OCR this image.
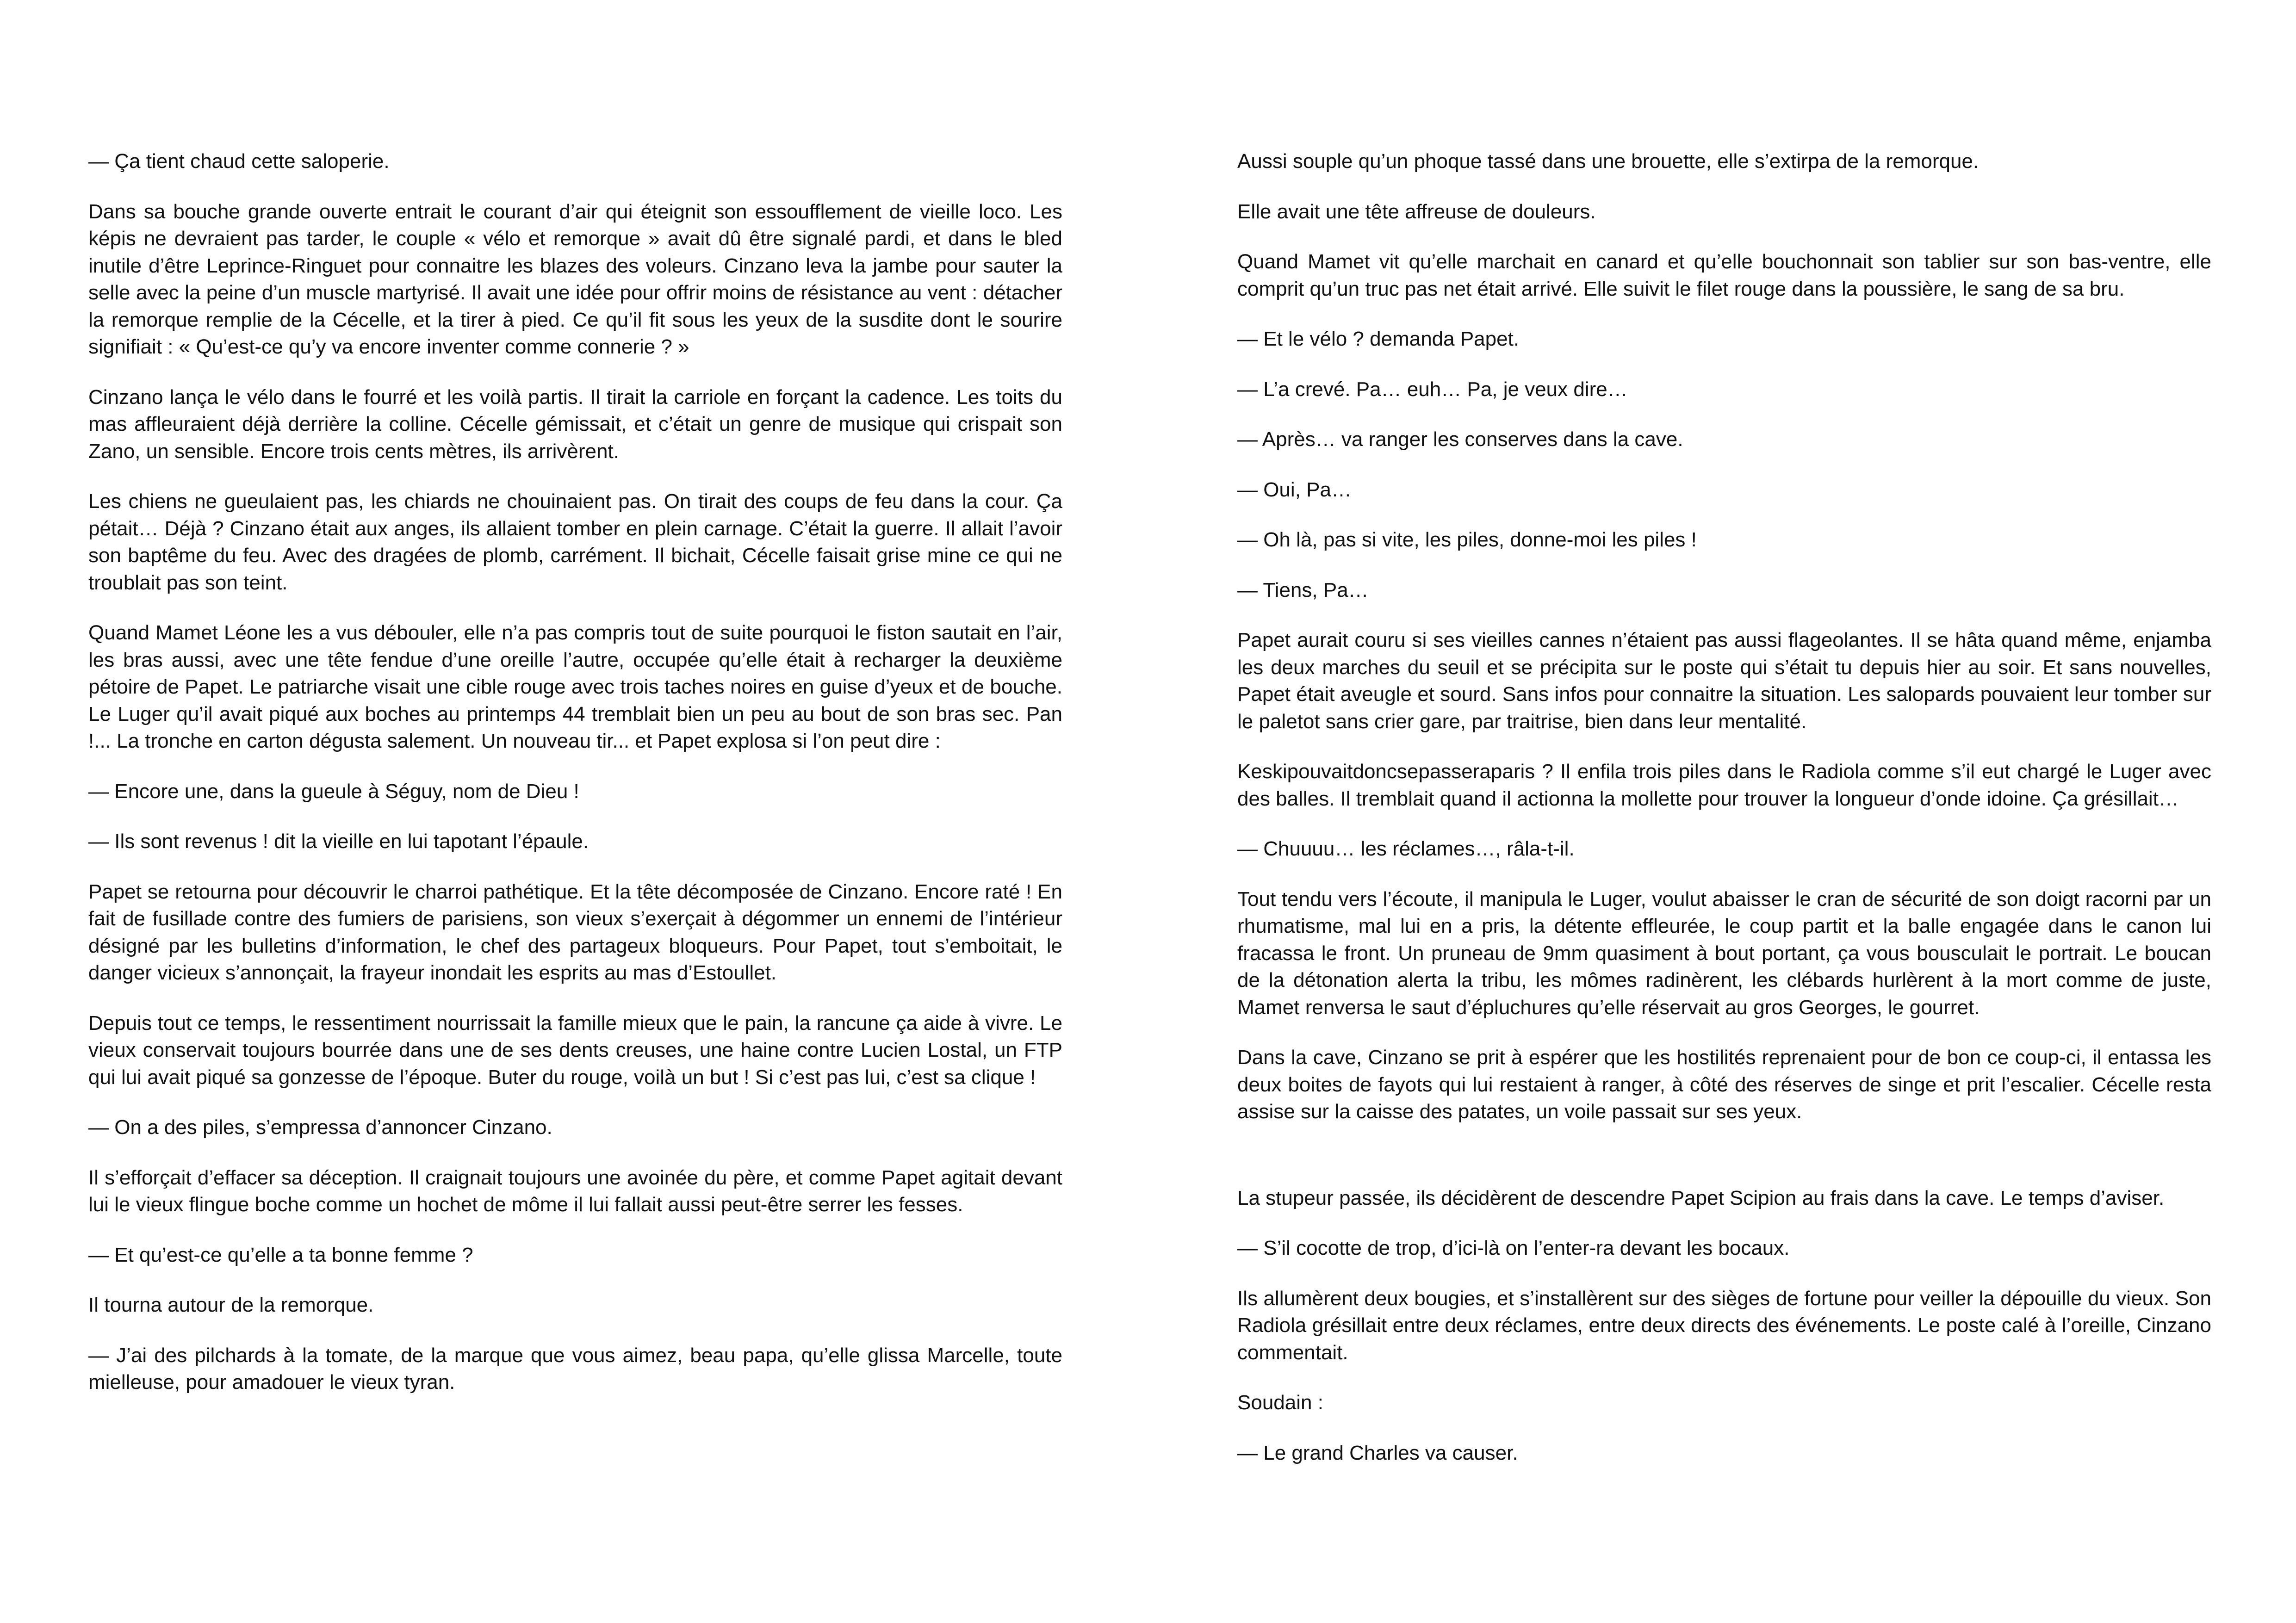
— Ça tient chaud cette saloperie.

Dans sa bouche grande ouverte entrait le courant d’air qui éteignit son essoufflement de vieille loco. Les képis ne devraient pas tarder, le couple « vélo et remorque » avait dû être signalé pardi, et dans le bled inutile d’être Leprince-Ringuet pour connaitre les blazes des voleurs. Cinzano leva la jambe pour sauter la selle avec la peine d’un muscle martyrisé. Il avait une idée pour offrir moins de résistance au vent : détacher la remorque remplie de la Cécelle, et la tirer à pied. Ce qu’il fit sous les yeux de la susdite dont le sourire signifiait : « Qu’est-ce qu’y va encore inventer comme connerie ? »

Cinzano lança le vélo dans le fourré et les voilà partis. Il tirait la carriole en forçant la cadence. Les toits du mas affleuraient déjà derrière la colline. Cécelle gémissait, et c’était un genre de musique qui crispait son Zano, un sensible. Encore trois cents mètres, ils arrivèrent.

Les chiens ne gueulaient pas, les chiards ne chouinaient pas. On tirait des coups de feu dans la cour. Ça pétait… Déjà ? Cinzano était aux anges, ils allaient tomber en plein carnage. C’était la guerre. Il allait l’avoir son baptême du feu. Avec des dragées de plomb, carrément. Il bichait, Cécelle faisait grise mine ce qui ne troublait pas son teint.

Quand Mamet Léone les a vus débouler, elle n’a pas compris tout de suite pourquoi le fiston sautait en l’air, les bras aussi, avec une tête fendue d’une oreille l’autre, occupée qu’elle était à recharger la deuxième pétoire de Papet. Le patriarche visait une cible rouge avec trois taches noires en guise d’yeux et de bouche. Le Luger qu’il avait piqué aux boches au printemps 44 tremblait bien un peu au bout de son bras sec. Pan !... La tronche en carton dégusta salement. Un nouveau tir... et Papet explosa si l’on peut dire :

— Encore une, dans la gueule à Séguy, nom de Dieu !

— Ils sont revenus ! dit la vieille en lui tapotant l’épaule.

Papet se retourna pour découvrir le charroi pathétique. Et la tête décomposée de Cinzano. Encore raté ! En fait de fusillade contre des fumiers de parisiens, son vieux s’exerçait à dégommer un ennemi de l’intérieur désigné par les bulletins d’information, le chef des partageux bloqueurs. Pour Papet, tout s’emboitait, le danger vicieux s’annonçait, la frayeur inondait les esprits au mas d’Estoullet.

Depuis tout ce temps, le ressentiment nourrissait la famille mieux que le pain, la rancune ça aide à vivre. Le vieux conservait toujours bourrée dans une de ses dents creuses, une haine contre Lucien Lostal, un FTP qui lui avait piqué sa gonzesse de l’époque. Buter du rouge, voilà un but ! Si c’est pas lui, c’est sa clique !

— On a des piles, s’empressa d’annoncer Cinzano.

Il s’efforçait d’effacer sa déception. Il craignait toujours une avoinée du père, et comme Papet agitait devant lui le vieux flingue boche comme un hochet de môme il lui fallait aussi peut-être serrer les fesses.

— Et qu’est-ce qu’elle a ta bonne femme ?

Il tourna autour de la remorque.

— J’ai des pilchards à la tomate, de la marque que vous aimez, beau papa, qu’elle glissa Marcelle, toute mielleuse, pour amadouer le vieux tyran.

Aussi souple qu’un phoque tassé dans une brouette, elle s’extirpa de la remorque.

Elle avait une tête affreuse de douleurs.

Quand Mamet vit qu’elle marchait en canard et qu’elle bouchonnait son tablier sur son bas-ventre, elle comprit qu’un truc pas net était arrivé. Elle suivit le filet rouge dans la poussière, le sang de sa bru.

— Et le vélo ? demanda Papet.

— L’a crevé. Pa… euh… Pa, je veux dire…

— Après… va ranger les conserves dans la cave.

— Oui, Pa…

— Oh là, pas si vite, les piles, donne-moi les piles !

— Tiens, Pa…

Papet aurait couru si ses vieilles cannes n’étaient pas aussi flageolantes. Il se hâta quand même, enjamba les deux marches du seuil et se précipita sur le poste qui s’était tu depuis hier au soir. Et sans nouvelles, Papet était aveugle et sourd. Sans infos pour connaitre la situation. Les salopards pouvaient leur tomber sur le paletot sans crier gare, par traitrise, bien dans leur mentalité.

Keskipouvaitdoncsepasseraparis ? Il enfila trois piles dans le Radiola comme s’il eut chargé le Luger avec des balles. Il tremblait quand il actionna la mollette pour trouver la longueur d’onde idoine. Ça grésillait…

— Chuuuu… les réclames…, râla-t-il.

Tout tendu vers l’écoute, il manipula le Luger, voulut abaisser le cran de sécurité de son doigt racorni par un rhumatisme, mal lui en a pris, la détente effleurée, le coup partit et la balle engagée dans le canon lui fracassa le front. Un pruneau de 9mm quasiment à bout portant, ça vous bousculait le portrait. Le boucan de la détonation alerta la tribu, les mômes radinèrent, les clébards hurlèrent à la mort comme de juste, Mamet renversa le saut d’épluchures qu’elle réservait au gros Georges, le gourret.

Dans la cave, Cinzano se prit à espérer que les hostilités reprenaient pour de bon ce coup-ci, il entassa les deux boites de fayots qui lui restaient à ranger, à côté des réserves de singe et prit l’escalier. Cécelle resta assise sur la caisse des patates, un voile passait sur ses yeux.

La stupeur passée, ils décidèrent de descendre Papet Scipion au frais dans la cave. Le temps d’aviser.

— S’il cocotte de trop, d’ici-là on l’enter-ra devant les bocaux.

Ils allumèrent deux bougies, et s’installèrent sur des sièges de fortune pour veiller la dépouille du vieux. Son Radiola grésillait entre deux réclames, entre deux directs des événements. Le poste calé à l’oreille, Cinzano commentait.

Soudain :

— Le grand Charles va causer.
